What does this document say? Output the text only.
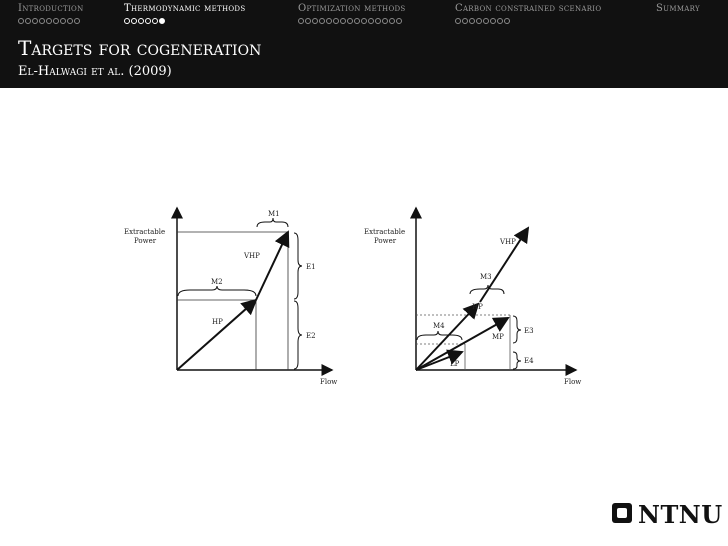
Introduction	Thermodynamic methods	Optimization methods	Carbon constrained scenario	Summary
Targets for cogeneration
El-Halwagi et al. (2009)
Extractable
Power
Flow
M1
M2
VHP
HP
E1
E2
Extractable
Power
Flow
VHP
M3
HP
M4
MP
LP
E3
E4
NTNU
